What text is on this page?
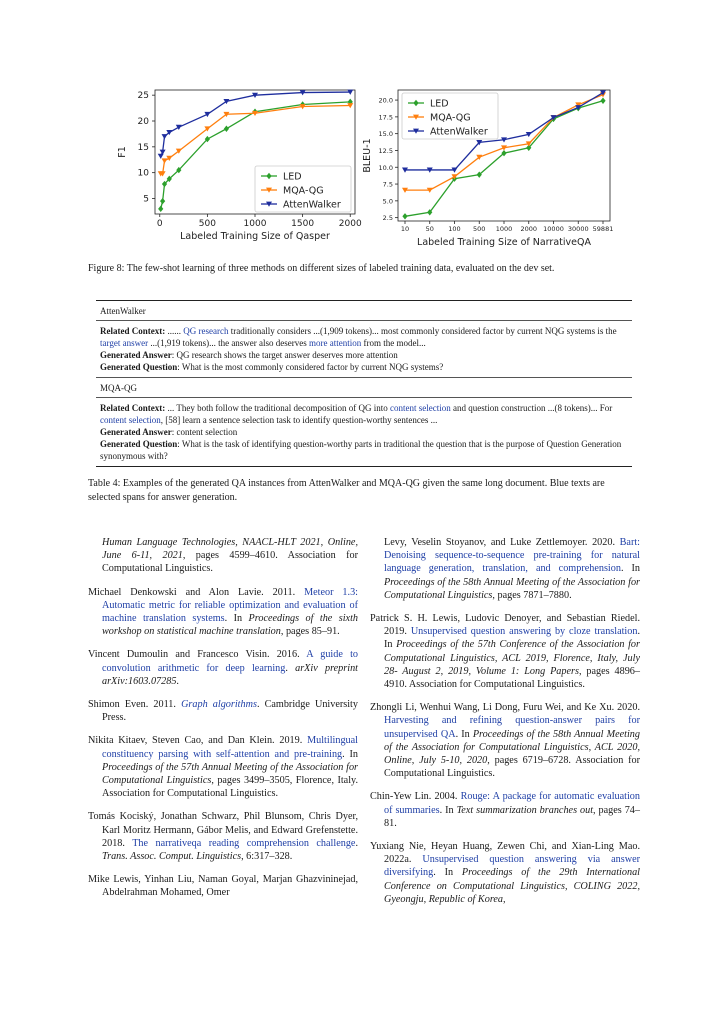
0	500	1000	1500	2000
5
10
15
20
25
Labeled Training Size of Qasper
F1
LED
MQA-QG
AttenWalker
10	50 100 500 1000 2000 10000 30000 59881
2.5
5.0
7.5
10.0
12.5
15.0
17.5
20.0
Labeled Training Size of NarrativeQA
BLEU-1
LED
MQA-QG
AttenWalker
Figure 8: The few-shot learning of three methods on different sizes of labeled training data, evaluated on the dev set.
AttenWalker

Related Context: ...... QG research traditionally considers ...(1,909 tokens)... most commonly considered factor by current NQG systems is the target answer ...(1,919 tokens)... the answer also deserves more attention from the model...

Generated Answer: QG research shows the target answer deserves more attention

Generated Question: What is the most commonly considered factor by current NQG systems?

MQA-QG

Related Context: ... They both follow the traditional decomposition of QG into content selection and question construction ...(8 tokens)... For content selection, [58] learn a sentence selection task to identify question-worthy sentences ...

Generated Answer: content selection

Generated Question: What is the task of identifying question-worthy parts in traditional the question that is the purpose of Question Generation synonymous with?

Table 4: Examples of the generated QA instances from AttenWalker and MQA-QG given the same long document. Blue texts are selected spans for answer generation.

Human Language Technologies, NAACL-HLT 2021, Online, June 6-11, 2021, pages 4599–4610. Association for Computational Linguistics.

Michael Denkowski and Alon Lavie. 2011. Meteor 1.3: Automatic metric for reliable optimization and evaluation of machine translation systems. In Proceedings of the sixth workshop on statistical machine translation, pages 85–91.

Vincent Dumoulin and Francesco Visin. 2016. A guide to convolution arithmetic for deep learning. arXiv preprint arXiv:1603.07285.

Shimon Even. 2011. Graph algorithms. Cambridge University Press.

Nikita Kitaev, Steven Cao, and Dan Klein. 2019. Multilingual constituency parsing with self-attention and pre-training. In Proceedings of the 57th Annual Meeting of the Association for Computational Linguistics, pages 3499–3505, Florence, Italy. Association for Computational Linguistics.

Tomás Kociský, Jonathan Schwarz, Phil Blunsom, Chris Dyer, Karl Moritz Hermann, Gábor Melis, and Edward Grefenstette. 2018. The narrativeqa reading comprehension challenge. Trans. Assoc. Comput. Linguistics, 6:317–328.

Mike Lewis, Yinhan Liu, Naman Goyal, Marjan Ghazvininejad, Abdelrahman Mohamed, Omer

Levy, Veselin Stoyanov, and Luke Zettlemoyer. 2020. Bart: Denoising sequence-to-sequence pre-training for natural language generation, translation, and comprehension. In Proceedings of the 58th Annual Meeting of the Association for Computational Linguistics, pages 7871–7880.

Patrick S. H. Lewis, Ludovic Denoyer, and Sebastian Riedel. 2019. Unsupervised question answering by cloze translation. In Proceedings of the 57th Conference of the Association for Computational Linguistics, ACL 2019, Florence, Italy, July 28- August 2, 2019, Volume 1: Long Papers, pages 4896–4910. Association for Computational Linguistics.

Zhongli Li, Wenhui Wang, Li Dong, Furu Wei, and Ke Xu. 2020. Harvesting and refining question-answer pairs for unsupervised QA. In Proceedings of the 58th Annual Meeting of the Association for Computational Linguistics, ACL 2020, Online, July 5-10, 2020, pages 6719–6728. Association for Computational Linguistics.

Chin-Yew Lin. 2004. Rouge: A package for automatic evaluation of summaries. In Text summarization branches out, pages 74–81.

Yuxiang Nie, Heyan Huang, Zewen Chi, and Xian-Ling Mao. 2022a. Unsupervised question answering via answer diversifying. In Proceedings of the 29th International Conference on Computational Linguistics, COLING 2022, Gyeongju, Republic of Korea,
